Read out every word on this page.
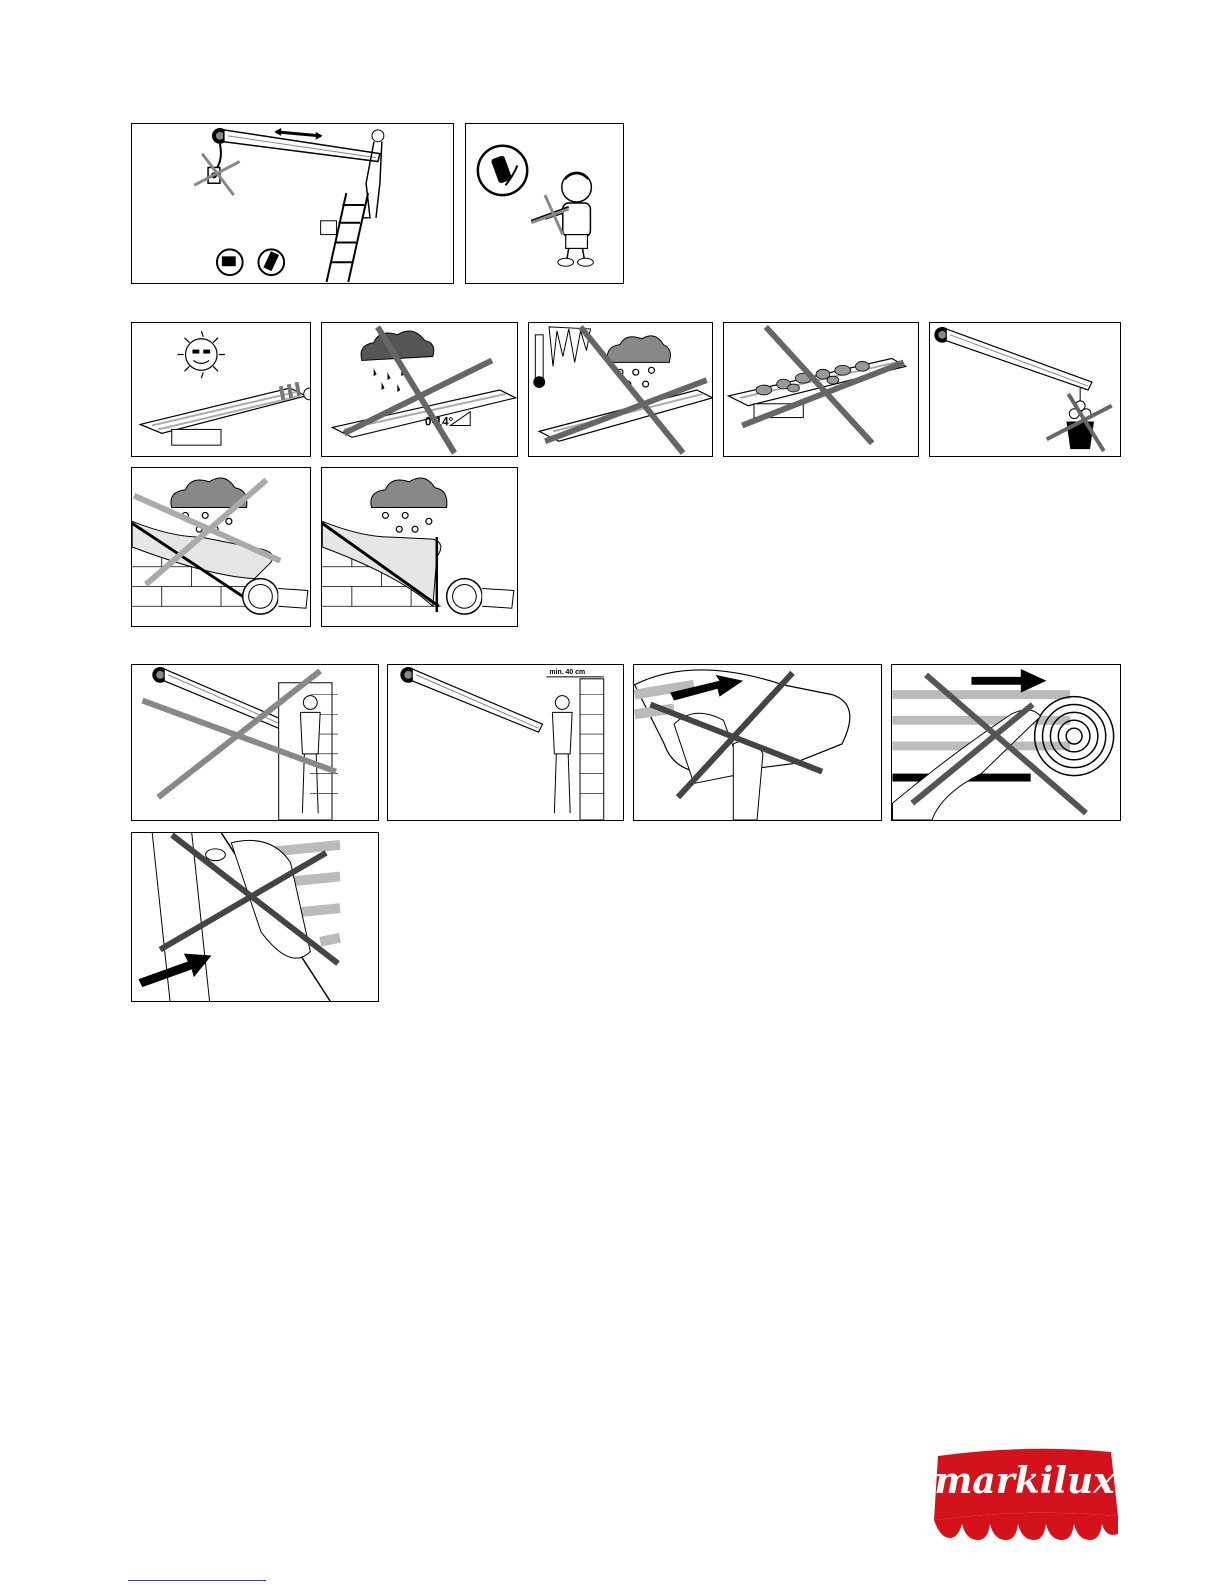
0-14°
min. 40 cm
markilux
